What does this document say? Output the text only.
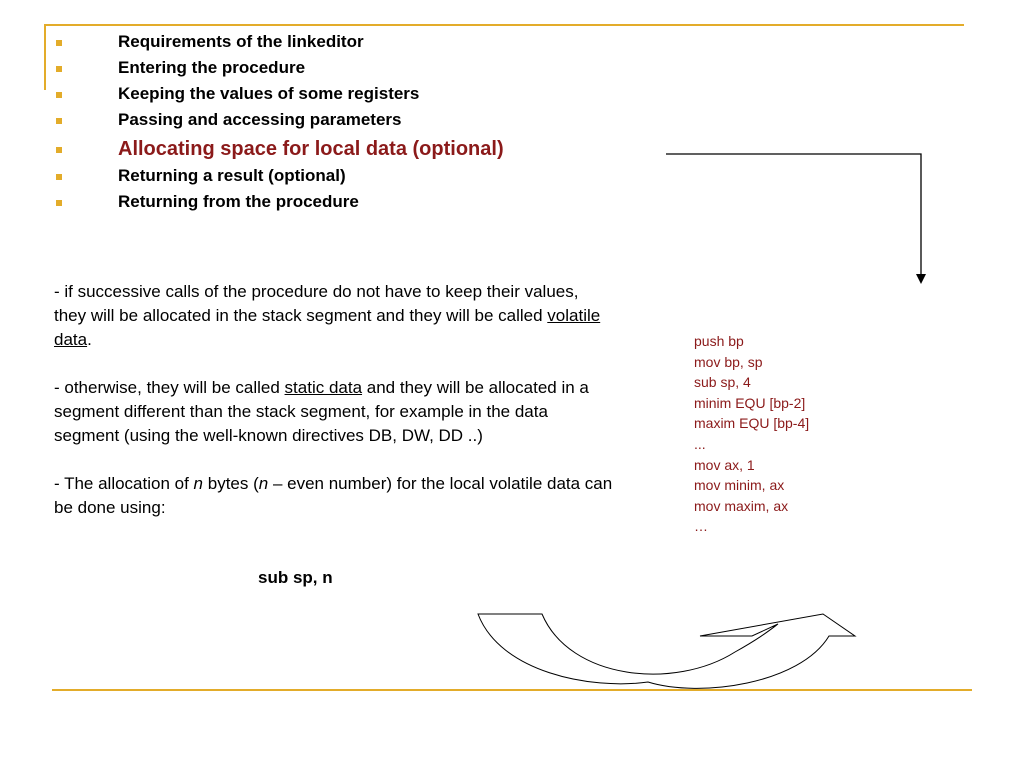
Requirements of the linkeditor
Entering the procedure
Keeping the values of some registers
Passing and accessing parameters
Allocating space for local data (optional)
Returning a result (optional)
Returning from the procedure

- if successive calls of the procedure do not have to keep their values, they will be allocated in the stack segment and they will be called volatile data.

- otherwise, they will be called static data and they will be allocated in a segment different than the stack segment, for example in the data segment (using the well-known directives DB, DW, DD ..)

- The allocation of n bytes (n – even number) for the local volatile data can be done using:

sub sp, n
push bp
mov bp, sp
sub sp, 4
minim EQU [bp-2]
maxim EQU [bp-4]
...
mov ax, 1
mov minim, ax
mov maxim, ax
…
